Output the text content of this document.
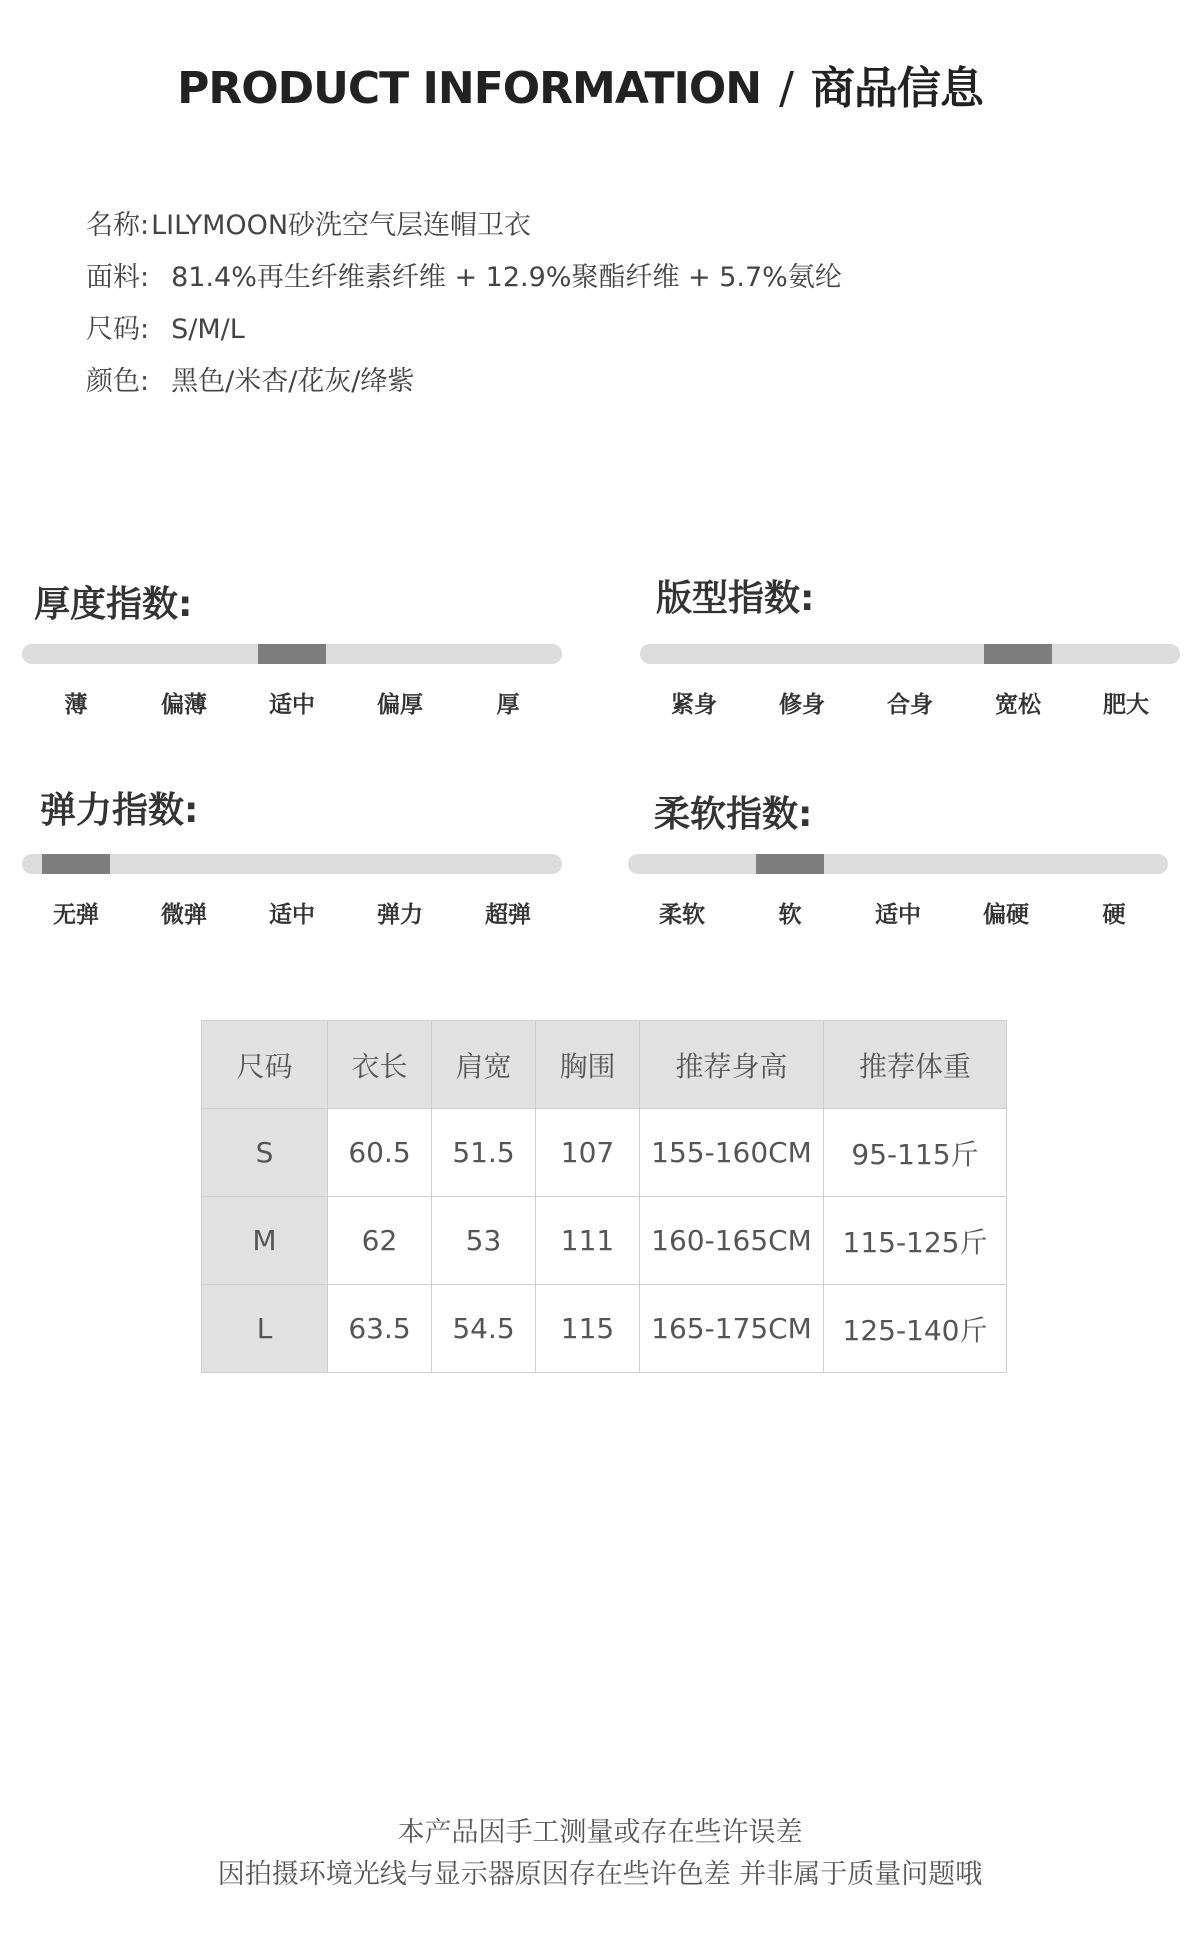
PRODUCT INFORMATION / 商品信息
名称:LILYMOON砂洗空气层连帽卫衣
面料: 81.4%再生纤维素纤维 + 12.9%聚酯纤维 + 5.7%氨纶
尺码: S/M/L
颜色: 黑色/米杏/花灰/绛紫
厚度指数:
薄	偏薄	适中	偏厚	厚
版型指数:
紧身	修身	合身	宽松	肥大
弹力指数:
无弹	微弹	适中	弹力	超弹
柔软指数:
柔软	软	适中	偏硬	硬
尺码	衣长	肩宽	胸围	推荐身高	推荐体重
S	60.5	51.5	107	155-160CM	95-115斤
M	62	53	111	160-165CM	115-125斤
L	63.5	54.5	115	165-175CM	125-140斤
本产品因手工测量或存在些许误差
因拍摄环境光线与显示器原因存在些许色差 并非属于质量问题哦
